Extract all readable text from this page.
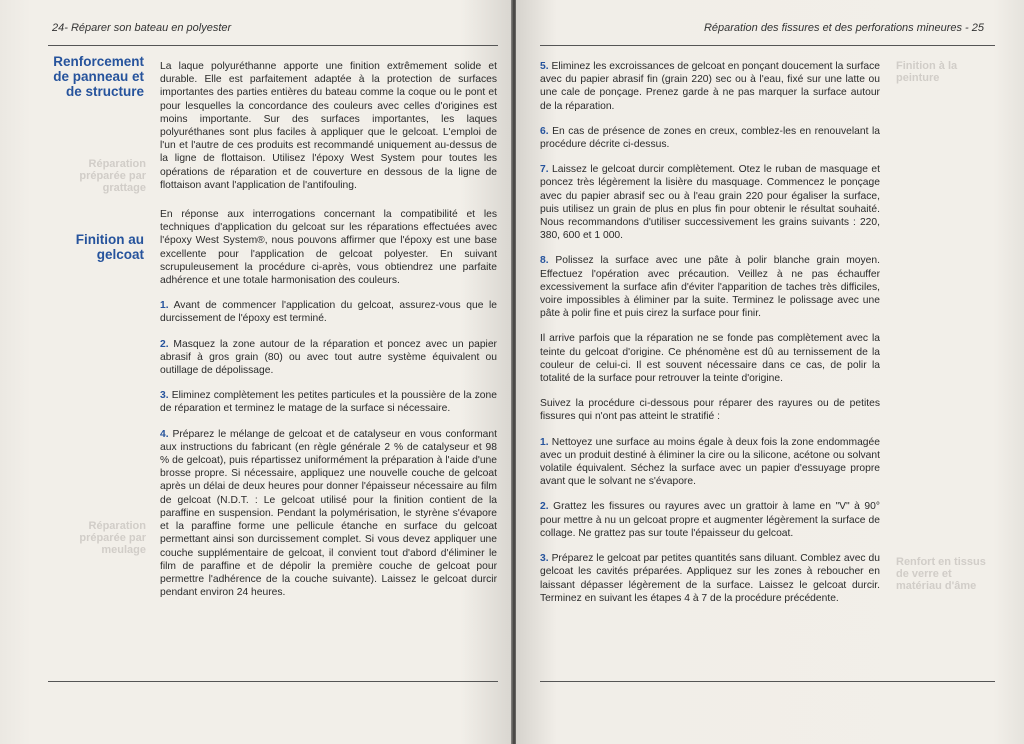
24- Réparer son bateau en polyester
Renforcement de panneau et de structure
Réparation préparée par grattage
Finition au gelcoat
Réparation préparée par meulage

La laque polyuréthanne apporte une finition extrêmement solide et durable. Elle est parfaitement adaptée à la protection de surfaces importantes des parties entières du bateau comme la coque ou le pont et pour lesquelles la concordance des couleurs avec celles d'origines est moins importante. Sur des surfaces importantes, les laques polyuréthanes sont plus faciles à appliquer que le gelcoat. L'emploi de l'un et l'autre de ces produits est recommandé uniquement au-dessus de la ligne de flottaison. Utilisez l'époxy West System pour toutes les opérations de réparation et de couverture en dessous de la ligne de flottaison avant l'application de l'antifouling.

En réponse aux interrogations concernant la compatibilité et les techniques d'application du gelcoat sur les réparations effectuées avec l'époxy West System®, nous pouvons affirmer que l'époxy est une base excellente pour l'application de gelcoat polyester. En suivant scrupuleusement la procédure ci-après, vous obtiendrez une parfaite adhérence et une totale harmonisation des couleurs.

1. Avant de commencer l'application du gelcoat, assurez-vous que le durcissement de l'époxy est terminé.

2. Masquez la zone autour de la réparation et poncez avec un papier abrasif à gros grain (80) ou avec tout autre système équivalent ou outillage de dépolissage.

3. Eliminez complètement les petites particules et la poussière de la zone de réparation et terminez le matage de la surface si nécessaire.

4. Préparez le mélange de gelcoat et de catalyseur en vous conformant aux instructions du fabricant (en règle générale 2 % de catalyseur et 98 % de gelcoat), puis répartissez uniformément la préparation à l'aide d'une brosse propre. Si nécessaire, appliquez une nouvelle couche de gelcoat après un délai de deux heures pour donner l'épaisseur nécessaire au film de gelcoat (N.D.T. : Le gelcoat utilisé pour la finition contient de la paraffine en suspension. Pendant la polymérisation, le styrène s'évapore et la paraffine forme une pellicule étanche en surface du gelcoat permettant ainsi son durcissement complet. Si vous devez appliquer une couche supplémentaire de gelcoat, il convient tout d'abord d'éliminer le film de paraffine et de dépolir la première couche de gelcoat pour permettre l'adhérence de la couche suivante). Laissez le gelcoat durcir pendant environ 24 heures.

Réparation des fissures et des perforations mineures - 25
Finition à la peinture
Renfort en tissus de verre et matériau d'âme

5. Eliminez les excroissances de gelcoat en ponçant doucement la surface avec du papier abrasif fin (grain 220) sec ou à l'eau, fixé sur une latte ou une cale de ponçage. Prenez garde à ne pas marquer la surface autour de la réparation.

6. En cas de présence de zones en creux, comblez-les en renouvelant la procédure décrite ci-dessus.

7. Laissez le gelcoat durcir complètement. Otez le ruban de masquage et poncez très légèrement la lisière du masquage. Commencez le ponçage avec du papier abrasif sec ou à l'eau grain 220 pour égaliser la surface, puis utilisez un grain de plus en plus fin pour obtenir le résultat souhaité. Nous recommandons d'utiliser successivement les grains suivants : 220, 380, 600 et 1 000.

8. Polissez la surface avec une pâte à polir blanche grain moyen. Effectuez l'opération avec précaution. Veillez à ne pas échauffer excessivement la surface afin d'éviter l'apparition de taches très difficiles, voire impossibles à éliminer par la suite. Terminez le polissage avec une pâte à polir fine et puis cirez la surface pour finir.

Il arrive parfois que la réparation ne se fonde pas complètement avec la teinte du gelcoat d'origine. Ce phénomène est dû au ternissement de la couleur de celui-ci. Il est souvent nécessaire dans ce cas, de polir la totalité de la surface pour retrouver la teinte d'origine.

Suivez la procédure ci-dessous pour réparer des rayures ou de petites fissures qui n'ont pas atteint le stratifié :

1. Nettoyez une surface au moins égale à deux fois la zone endommagée avec un produit destiné à éliminer la cire ou la silicone, acétone ou solvant volatile équivalent. Séchez la surface avec un papier d'essuyage propre avant que le solvant ne s'évapore.

2. Grattez les fissures ou rayures avec un grattoir à lame en "V" à 90° pour mettre à nu un gelcoat propre et augmenter légèrement la surface de collage. Ne grattez pas sur toute l'épaisseur du gelcoat.

3. Préparez le gelcoat par petites quantités sans diluant. Comblez avec du gelcoat les cavités préparées. Appliquez sur les zones à reboucher en laissant dépasser légèrement de la surface. Laissez le gelcoat durcir. Terminez en suivant les étapes 4 à 7 de la procédure précédente.
